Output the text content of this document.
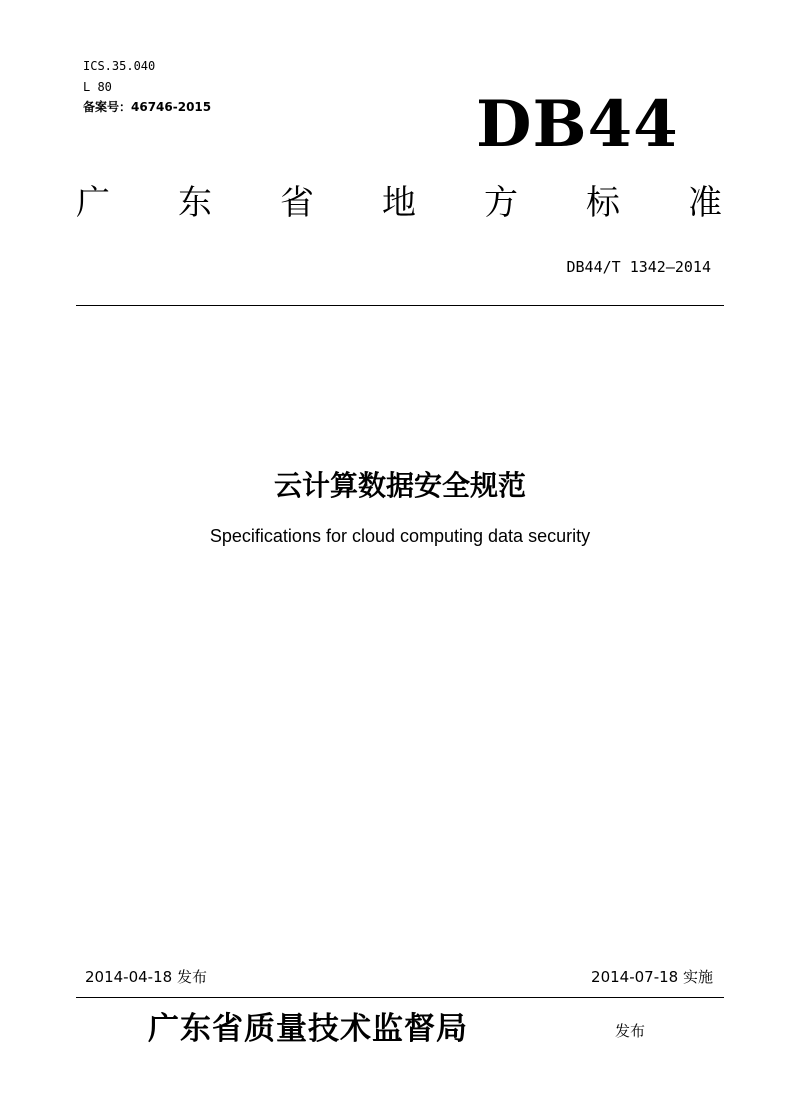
ICS.35.040
L 80
备案号：46746-2015	DB44
广 东 省 地 方 标 准
DB44/T 1342—2014
云计算数据安全规范
Specifications for cloud computing data security
2014-04-18 发布	2014-07-18 实施
广东省质量技术监督局	发布
